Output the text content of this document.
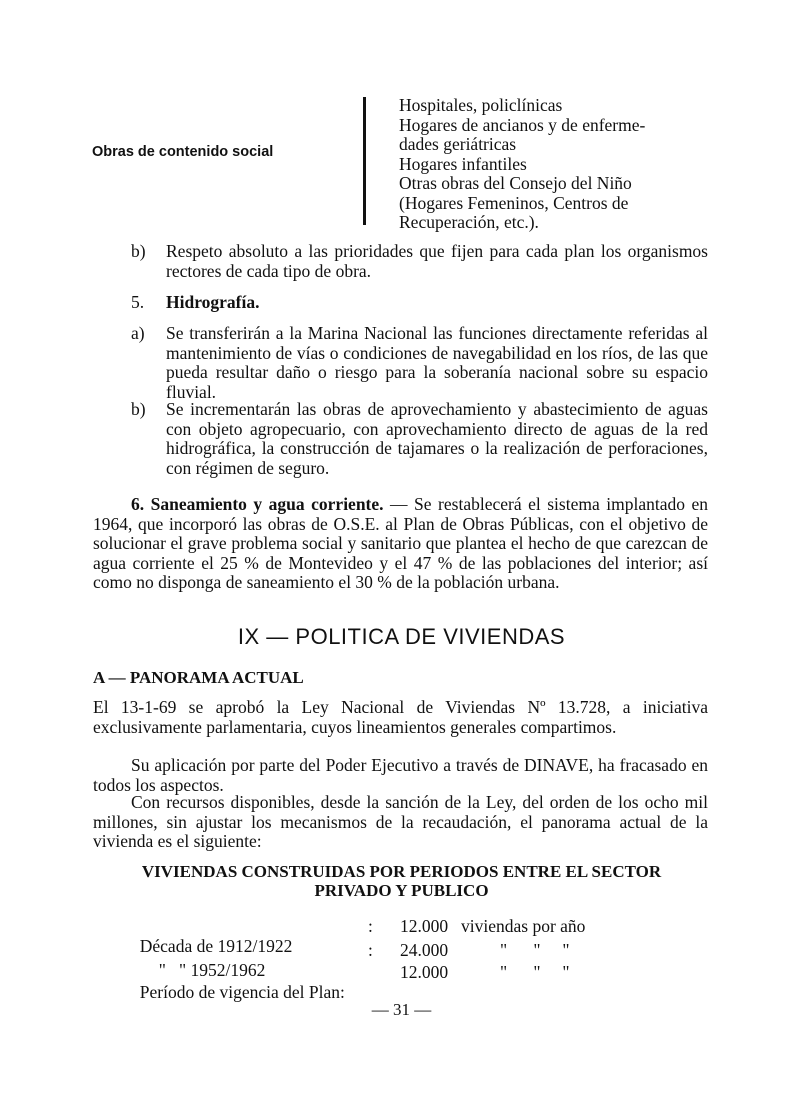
Obras de contenido social
Hospitales, policlínicas
Hogares de ancianos y de enferme-
dades geriátricas
Hogares infantiles
Otras obras del Consejo del Niño
(Hogares Femeninos, Centros de
Recuperación, etc.).
b) Respeto absoluto a las prioridades que fijen para cada plan los organismos rectores de cada tipo de obra.
5. Hidrografía.
a) Se transferirán a la Marina Nacional las funciones directamente referidas al mantenimiento de vías o condiciones de navegabilidad en los ríos, de las que pueda resultar daño o riesgo para la soberanía nacional sobre su espacio fluvial.
b) Se incrementarán las obras de aprovechamiento y abastecimiento de aguas con objeto agropecuario, con aprovechamiento directo de aguas de la red hidrográfica, la construcción de tajamares o la realización de perforaciones, con régimen de seguro.
6. Saneamiento y agua corriente. — Se restablecerá el sistema implantado en 1964, que incorporó las obras de O.S.E. al Plan de Obras Públicas, con el objetivo de solucionar el grave problema social y sanitario que plantea el hecho de que carezcan de agua corriente el 25 % de Montevideo y el 47 % de las poblaciones del interior; así como no disponga de saneamiento el 30 % de la población urbana.
IX — POLITICA DE VIVIENDAS
A — PANORAMA ACTUAL
El 13-1-69 se aprobó la Ley Nacional de Viviendas Nº 13.728, a iniciativa exclusivamente parlamentaria, cuyos lineamientos generales compartimos.
Su aplicación por parte del Poder Ejecutivo a través de DINAVE, ha fracasado en todos los aspectos.
Con recursos disponibles, desde la sanción de la Ley, del orden de los ocho mil millones, sin ajustar los mecanismos de la recaudación, el panorama actual de la vivienda es el siguiente:
VIVIENDAS CONSTRUIDAS POR PERIODOS ENTRE EL SECTOR
PRIVADO Y PUBLICO

Década de 1912/1922

: 12.000 viviendas por año

"   " 1952/1962

: 24.000	"      "     "

Período de vigencia del Plan:

12.000	"      "     "
— 31 —
